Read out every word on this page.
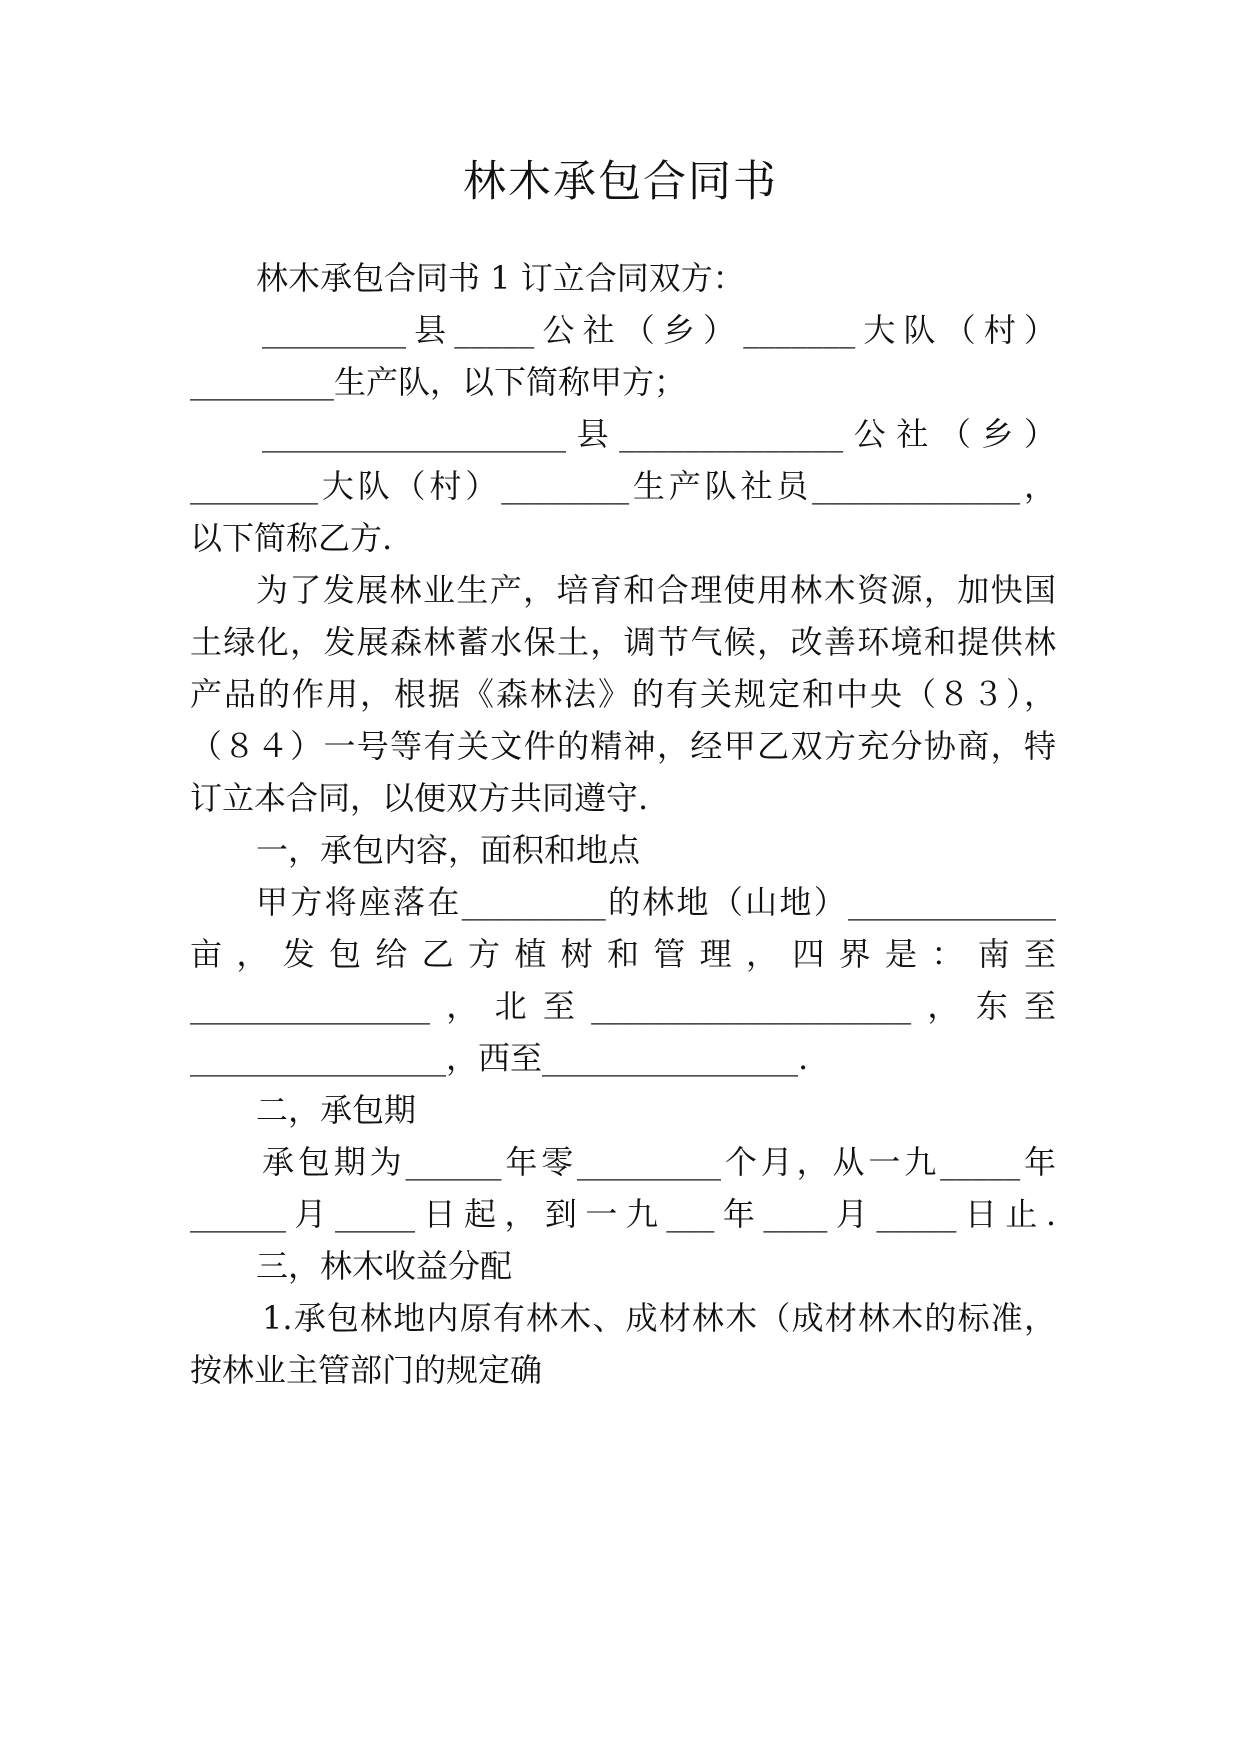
林木承包合同书
林木承包合同书 1 订立合同双方：
_________县_____公社（乡）_______大队（村）
_________生产队，以下简称甲方；
___________________县______________公社（乡）
________大队（村）________生产队社员_____________，
以下简称乙方.
为了发展林业生产，培育和合理使用林木资源，加快国
土绿化，发展森林蓄水保土，调节气候，改善环境和提供林
产品的作用，根据《森林法》的有关规定和中央（８３），
（８４）一号等有关文件的精神，经甲乙双方充分协商，特
订立本合同，以便双方共同遵守.
一，承包内容，面积和地点
甲方将座落在_________的林地（山地）_____________
亩，发包给乙方植树和管理，四界是：南至
_______________，北至____________________，东至
________________，西至________________.
二，承包期
承包期为______年零_________个月，从一九_____年
______月_____日起，到一九___年____月_____日止.
三，林木收益分配
1.承包林地内原有林木、成材林木（成材林木的标准，
按林业主管部门的规定确
